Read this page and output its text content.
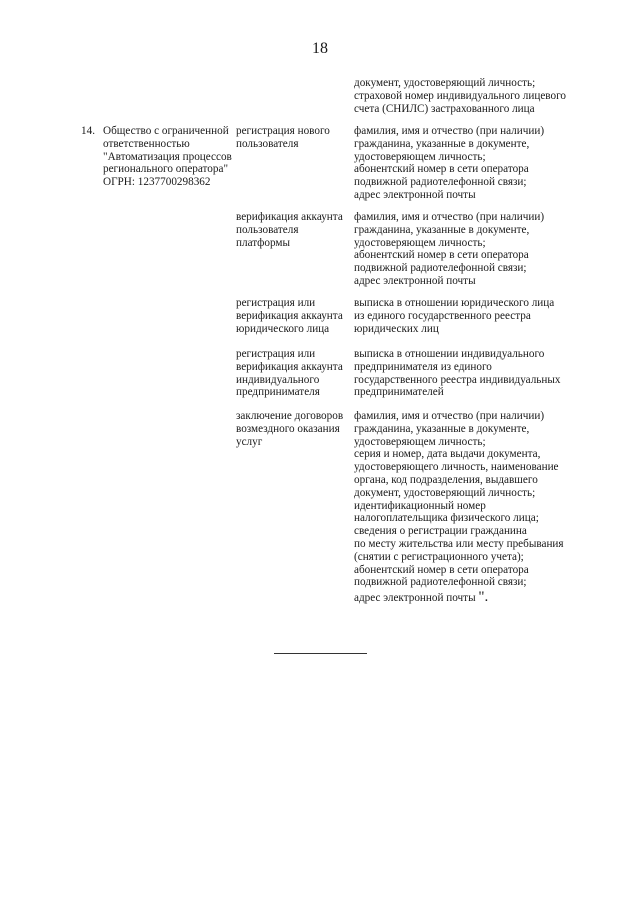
18
документ, удостоверяющий личность;
страховой номер индивидуального лицевого
счета (СНИЛС) застрахованного лица
14. Общество с ограниченной
ответственностью
"Автоматизация процессов
регионального оператора"
ОГРН: 1237700298362
регистрация нового
пользователя
фамилия, имя и отчество (при наличии)
гражданина, указанные в документе,
удостоверяющем личность;
абонентский номер в сети оператора
подвижной радиотелефонной связи;
адрес электронной почты
верификация аккаунта
пользователя
платформы
фамилия, имя и отчество (при наличии)
гражданина, указанные в документе,
удостоверяющем личность;
абонентский номер в сети оператора
подвижной радиотелефонной связи;
адрес электронной почты
регистрация или
верификация аккаунта
юридического лица
выписка в отношении юридического лица
из единого государственного реестра
юридических лиц
регистрация или
верификация аккаунта
индивидуального
предпринимателя
выписка в отношении индивидуального
предпринимателя из единого
государственного реестра индивидуальных
предпринимателей
заключение договоров
возмездного оказания
услуг
фамилия, имя и отчество (при наличии)
гражданина, указанные в документе,
удостоверяющем личность;
серия и номер, дата выдачи документа,
удостоверяющего личность, наименование
органа, код подразделения, выдавшего
документ, удостоверяющий личность;
идентификационный номер
налогоплательщика физического лица;
сведения о регистрации гражданина
по месту жительства или месту пребывания
(снятии с регистрационного учета);
абонентский номер в сети оператора
подвижной радиотелефонной связи;
адрес электронной почты ".
